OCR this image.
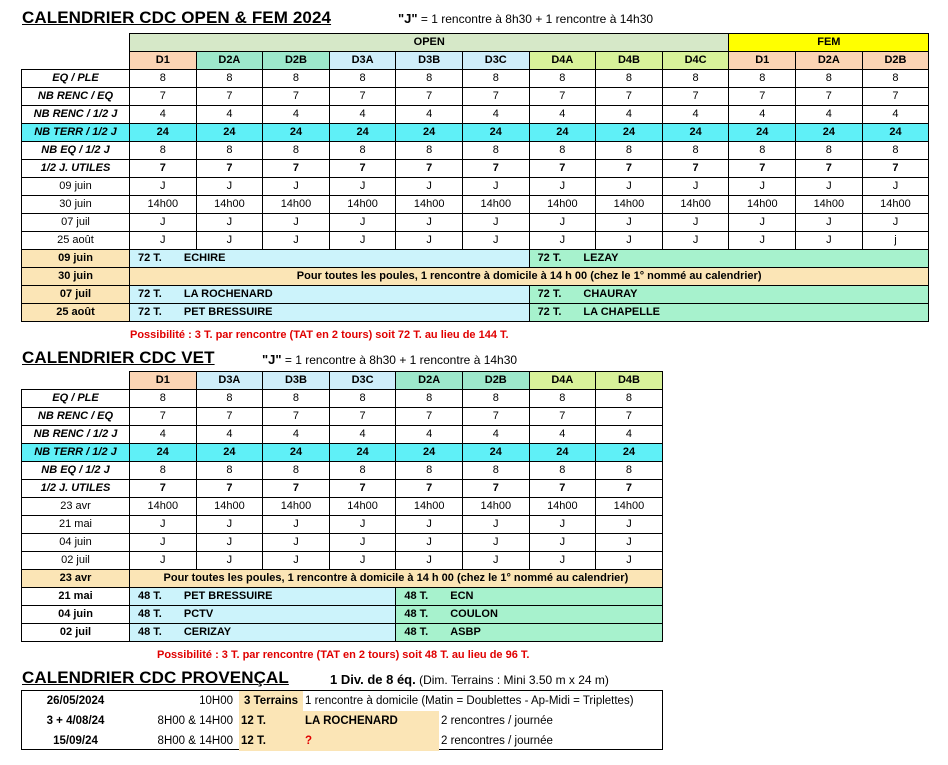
CALENDRIER CDC OPEN & FEM 2024	"J" = 1 rencontre à 8h30 + 1 rencontre à 14h30
	OPEN									FEM		
	D1	D2A	D2B	D3A	D3B	D3C	D4A	D4B	D4C	D1	D2A	D2B
EQ / PLE	8	8	8	8	8	8	8	8	8	8	8	8
NB RENC / EQ	7	7	7	7	7	7	7	7	7	7	7	7
NB RENC / 1/2 J	4	4	4	4	4	4	4	4	4	4	4	4
NB TERR / 1/2 J	24	24	24	24	24	24	24	24	24	24	24	24
NB EQ / 1/2 J	8	8	8	8	8	8	8	8	8	8	8	8
1/2 J. UTILES	7	7	7	7	7	7	7	7	7	7	7	7
09 juin	J	J	J	J	J	J	J	J	J	J	J	J
30 juin	14h00	14h00	14h00	14h00	14h00	14h00	14h00	14h00	14h00	14h00	14h00	14h00
07 juil	J	J	J	J	J	J	J	J	J	J	J	J
25 août	J	J	J	J	J	J	J	J	J	J	J	j
09 juin	72 T. ECHIRE						72 T. LEZAY					
30 juin	Pour toutes les poules, 1 rencontre à domicile à 14 h 00 (chez le 1° nommé au calendrier)											
07 juil	72 T. LA ROCHENARD						72 T. CHAURAY					
25 août	72 T. PET BRESSUIRE						72 T. LA CHAPELLE					
Possibilité : 3 T. par rencontre (TAT en 2 tours) soit 72 T. au lieu de 144 T.
CALENDRIER CDC VET	"J" = 1 rencontre à 8h30 + 1 rencontre à 14h30
	D1	D3A	D3B	D3C	D2A	D2B	D4A	D4B
EQ / PLE	8	8	8	8	8	8	8	8
NB RENC / EQ	7	7	7	7	7	7	7	7
NB RENC / 1/2 J	4	4	4	4	4	4	4	4
NB TERR / 1/2 J	24	24	24	24	24	24	24	24
NB EQ / 1/2 J	8	8	8	8	8	8	8	8
1/2 J. UTILES	7	7	7	7	7	7	7	7
23 avr	14h00	14h00	14h00	14h00	14h00	14h00	14h00	14h00
21 mai	J	J	J	J	J	J	J	J
04 juin	J	J	J	J	J	J	J	J
02 juil	J	J	J	J	J	J	J	J
23 avr	Pour toutes les poules, 1 rencontre à domicile à 14 h 00 (chez le 1° nommé au calendrier)							
21 mai	48 T. PET BRESSUIRE				48 T. ECN			
04 juin	48 T. PCTV				48 T. COULON			
02 juil	48 T. CERIZAY				48 T. ASBP			
Possibilité : 3 T. par rencontre (TAT en 2 tours) soit 48 T. au lieu de 96 T.
CALENDRIER CDC PROVENÇAL	1 Div. de 8 éq. (Dim. Terrains : Mini 3.50 m x 24 m)
26/05/2024	10H00	3 Terrains	1 rencontre à domicile (Matin = Doublettes - Ap-Midi = Triplettes)	
3 + 4/08/24	8H00 & 14H00	12 T.	LA ROCHENARD	2 rencontres / journée
15/09/24	8H00 & 14H00	12 T.	?	2 rencontres / journée
